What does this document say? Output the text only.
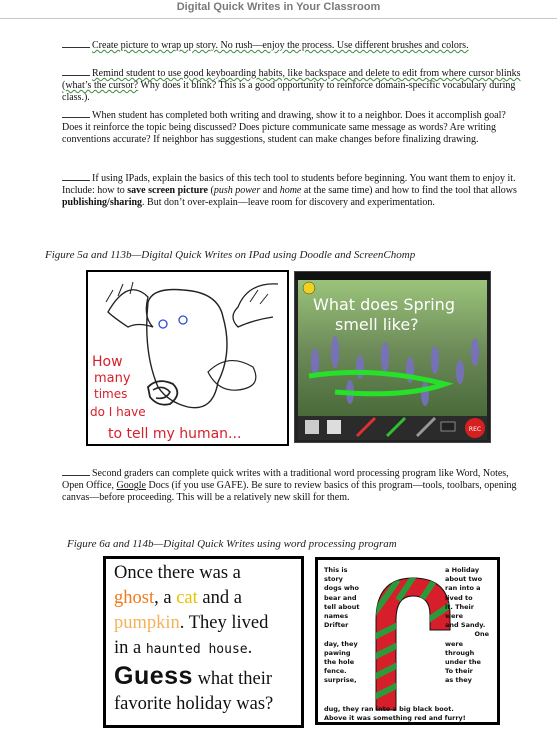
Digital Quick Writes in Your Classroom
Create picture to wrap up story. No rush—enjoy the process. Use different brushes and colors.
Remind student to use good keyboarding habits, like backspace and delete to edit from where cursor blinks (what’s the cursor? Why does it blink? This is a good opportunity to reinforce domain-specific vocabulary during class.).
When student has completed both writing and drawing, show it to a neighbor. Does it accomplish goal? Does it reinforce the topic being discussed? Does picture communicate same message as words? Are writing conventions accurate? If neighbor has suggestions, student can make changes before finalizing drawing.
If using IPads, explain the basics of this tech tool to students before beginning. You want them to enjoy it. Include: how to save screen picture (push power and home at the same time) and how to find the tool that allows publishing/sharing. But don’t over-explain—leave room for discovery and experimentation.
Figure 5a and 113b—Digital Quick Writes on IPad using Doodle and ScreenChomp
How
many
times
do I have
to tell my human...
What does Spring
smell like?
REC
Second graders can complete quick writes with a traditional word processing program like Word, Notes, Open Office, Google Docs (if you use GAFE). Be sure to review basics of this program—tools, toolbars, opening canvas—before proceeding. This will be a relatively new skill for them.
Figure 6a and 114b—Digital Quick Writes using word processing program
Once there was a
ghost, a cat and a
pumpkin. They lived
in a haunted house.
Guess what their
favorite holiday was?
This is
story
dogs who
bear and
tell about
names
Drifter
day, they
pawing
the hole
fence.
surprise,
a Holiday
about two
ran into a
lived to
it. Their
were
and Sandy.
One
were
through
under the
To their
as they
dug, they ran into a big black boot.
Above it was something red and furry!
